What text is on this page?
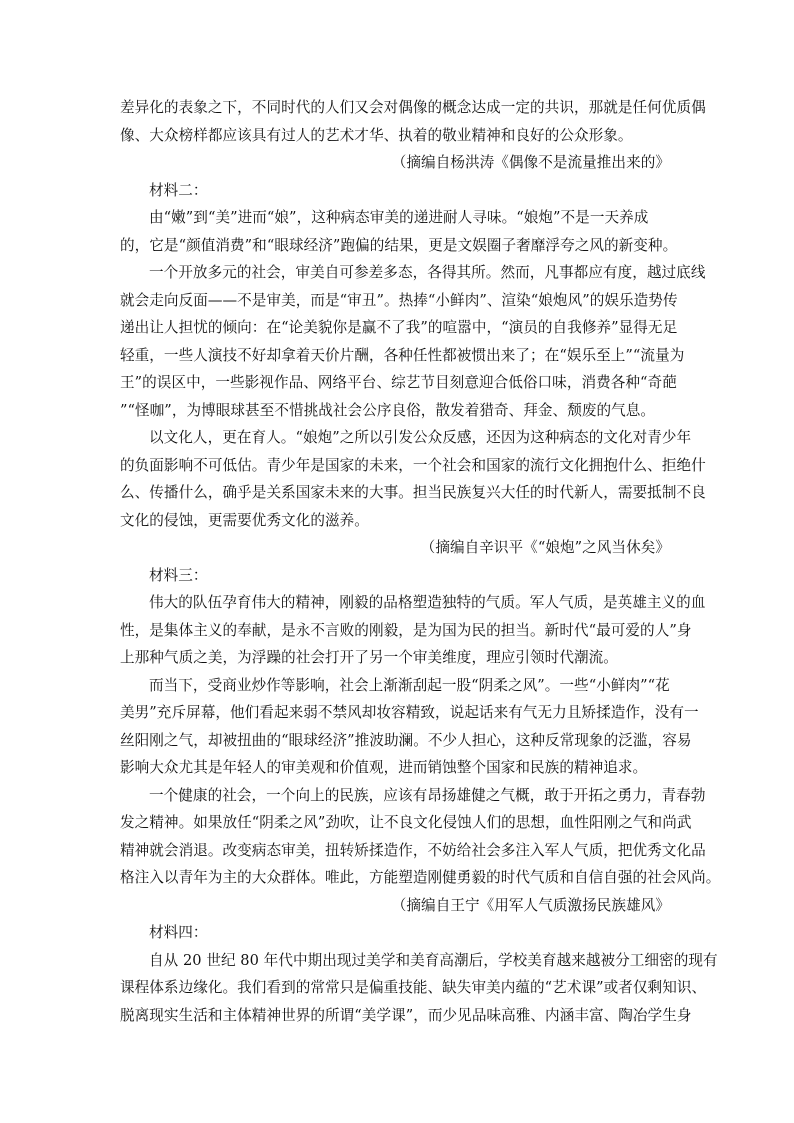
差异化的表象之下，不同时代的人们又会对偶像的概念达成一定的共识，那就是任何优质偶
像、大众榜样都应该具有过人的艺术才华、执着的敬业精神和良好的公众形象。
（摘编自杨洪涛《偶像不是流量推出来的》
材料二：
由“嫩”到“美”进而“娘”，这种病态审美的递进耐人寻味。“娘炮”不是一天养成
的，它是“颜值消费”和“眼球经济”跑偏的结果，更是文娱圈子奢靡浮夸之风的新变种。
一个开放多元的社会，审美自可参差多态，各得其所。然而，凡事都应有度，越过底线
就会走向反面——不是审美，而是“审丑”。热捧“小鲜肉”、渲染“娘炮风”的娱乐造势传
递出让人担忧的倾向：在“论美貌你是赢不了我”的喧嚣中，“演员的自我修养”显得无足
轻重，一些人演技不好却拿着天价片酬，各种任性都被惯出来了；在“娱乐至上”“流量为
王”的误区中，一些影视作品、网络平台、综艺节目刻意迎合低俗口味，消费各种“奇葩
”“怪咖”，为博眼球甚至不惜挑战社会公序良俗，散发着猎奇、拜金、颓废的气息。
以文化人，更在育人。“娘炮”之所以引发公众反感，还因为这种病态的文化对青少年
的负面影响不可低估。青少年是国家的未来，一个社会和国家的流行文化拥抱什么、拒绝什
么、传播什么，确乎是关系国家未来的大事。担当民族复兴大任的时代新人，需要抵制不良
文化的侵蚀，更需要优秀文化的滋养。
（摘编自辛识平《“娘炮”之风当休矣》
材料三：
伟大的队伍孕育伟大的精神，刚毅的品格塑造独特的气质。军人气质，是英雄主义的血
性，是集体主义的奉献，是永不言败的刚毅，是为国为民的担当。新时代“最可爱的人”身
上那种气质之美，为浮躁的社会打开了另一个审美维度，理应引领时代潮流。
而当下，受商业炒作等影响，社会上渐渐刮起一股“阴柔之风”。一些“小鲜肉”“花
美男”充斥屏幕，他们看起来弱不禁风却妆容精致，说起话来有气无力且矫揉造作，没有一
丝阳刚之气，却被扭曲的“眼球经济”推波助澜。不少人担心，这种反常现象的泛滥，容易
影响大众尤其是年轻人的审美观和价值观，进而销蚀整个国家和民族的精神追求。
一个健康的社会，一个向上的民族，应该有昂扬雄健之气概，敢于开拓之勇力，青春勃
发之精神。如果放任“阴柔之风”劲吹，让不良文化侵蚀人们的思想，血性阳刚之气和尚武
精神就会消退。改变病态审美，扭转矫揉造作，不妨给社会多注入军人气质，把优秀文化品
格注入以青年为主的大众群体。唯此，方能塑造刚健勇毅的时代气质和自信自强的社会风尚。
（摘编自王宁《用军人气质激扬民族雄风》
材料四：
自从 20 世纪 80 年代中期出现过美学和美育高潮后，学校美育越来越被分工细密的现有
课程体系边缘化。我们看到的常常只是偏重技能、缺失审美内蕴的“艺术课”或者仅剩知识、
脱离现实生活和主体精神世界的所谓“美学课”，而少见品味高雅、内涵丰富、陶冶学生身
